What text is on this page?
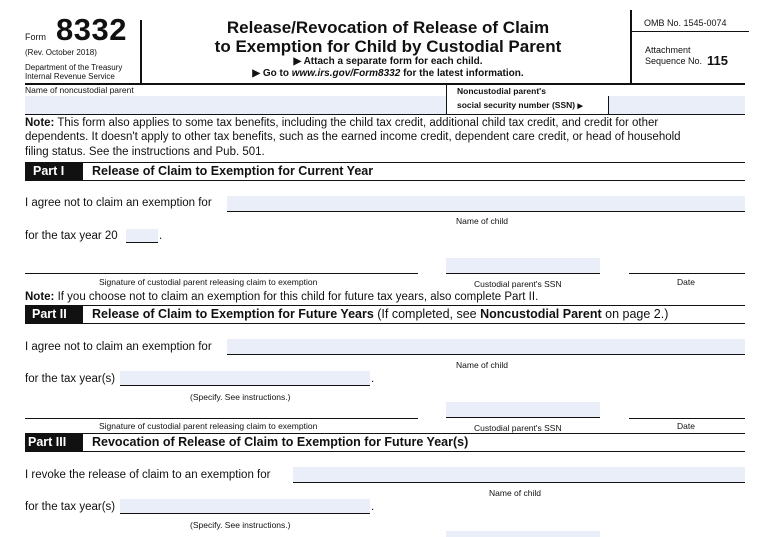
Form 8332
(Rev. October 2018)
Department of the Treasury
Internal Revenue Service
Release/Revocation of Release of Claim
to Exemption for Child by Custodial Parent
▶ Attach a separate form for each child.
▶ Go to www.irs.gov/Form8332 for the latest information.
OMB No. 1545-0074
Attachment
Sequence No. 115
Name of noncustodial parent	Noncustodial parent's
social security number (SSN) ▶
Note: This form also applies to some tax benefits, including the child tax credit, additional child tax credit, and credit for other
dependents. It doesn't apply to other tax benefits, such as the earned income credit, dependent care credit, or head of household
filing status. See the instructions and Pub. 501.
Part I	Release of Claim to Exemption for Current Year
I agree not to claim an exemption for
Name of child
for the tax year 20	.
Signature of custodial parent releasing claim to exemption	Custodial parent's SSN	Date
Note: If you choose not to claim an exemption for this child for future tax years, also complete Part II.
Part II	Release of Claim to Exemption for Future Years (If completed, see Noncustodial Parent on page 2.)
I agree not to claim an exemption for
Name of child
for the tax year(s)	.
(Specify. See instructions.)
Signature of custodial parent releasing claim to exemption	Custodial parent's SSN	Date
Part III	Revocation of Release of Claim to Exemption for Future Year(s)
I revoke the release of claim to an exemption for
Name of child
for the tax year(s)	.
(Specify. See instructions.)
